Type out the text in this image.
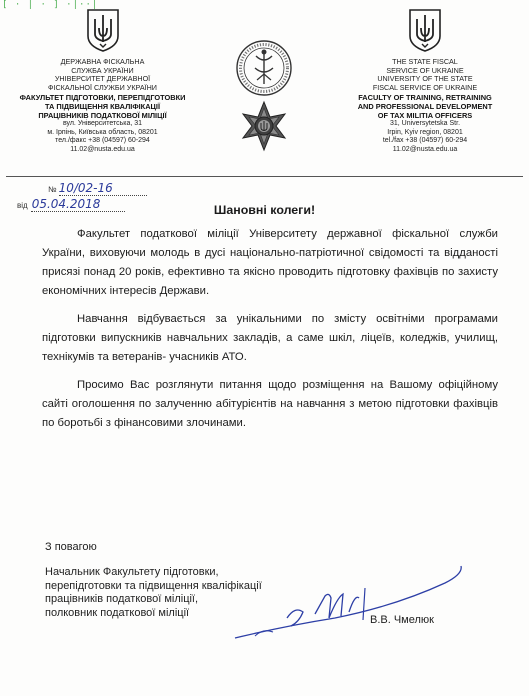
[ · | · ] ·|··|
ДЕРЖАВНА ФІСКАЛЬНА
СЛУЖБА УКРАЇНИ
УНІВЕРСИТЕТ ДЕРЖАВНОЇ
ФІСКАЛЬНОЇ СЛУЖБИ УКРАЇНИ
ФАКУЛЬТЕТ ПІДГОТОВКИ, ПЕРЕПІДГОТОВКИ
ТА ПІДВИЩЕННЯ КВАЛІФІКАЦІЇ
ПРАЦІВНИКІВ ПОДАТКОВОЇ МІЛІЦІЇ
вул. Університетська, 31
м. Ірпінь, Київська область, 08201
тел./факс +38 (04597) 60-294
11.02@nusta.edu.ua
THE STATE FISCAL
SERVICE OF UKRAINE
UNIVERSITY OF THE STATE
FISCAL SERVICE OF UKRAINE
FACULTY OF TRAINING, RETRAINING
AND PROFESSIONAL DEVELOPMENT
OF TAX MILITIA OFFICERS
31, Universytetska Str.
Irpin, Kyiv region, 08201
tel./fax +38 (04597) 60-294
11.02@nusta.edu.ua
№ 10/02-16
від 05.04.2018	Шановні колеги!

Факультет податкової міліції Університету державної фіскальної служби України, виховуючи молодь в дусі національно-патріотичної свідомості та відданості присязі понад 20 років, ефективно та якісно проводить підготовку фахівців по захисту економічних інтересів Держави.

Навчання відбувається за унікальними по змісту освітніми програмами підготовки випускників навчальних закладів, а саме шкіл, ліцеїв, коледжів, училищ, технікумів та ветеранів- учасників АТО.

Просимо Вас розглянути питання щодо розміщення на Вашому офіційному сайті оголошення по залученню абітурієнтів на навчання з метою підготовки фахівців по боротьбі з фінансовими злочинами.

З повагою
Начальник Факультету підготовки,
перепідготовки та підвищення кваліфікації
працівників податкової міліції,
полковник податкової міліції
В.В. Чмелюк
